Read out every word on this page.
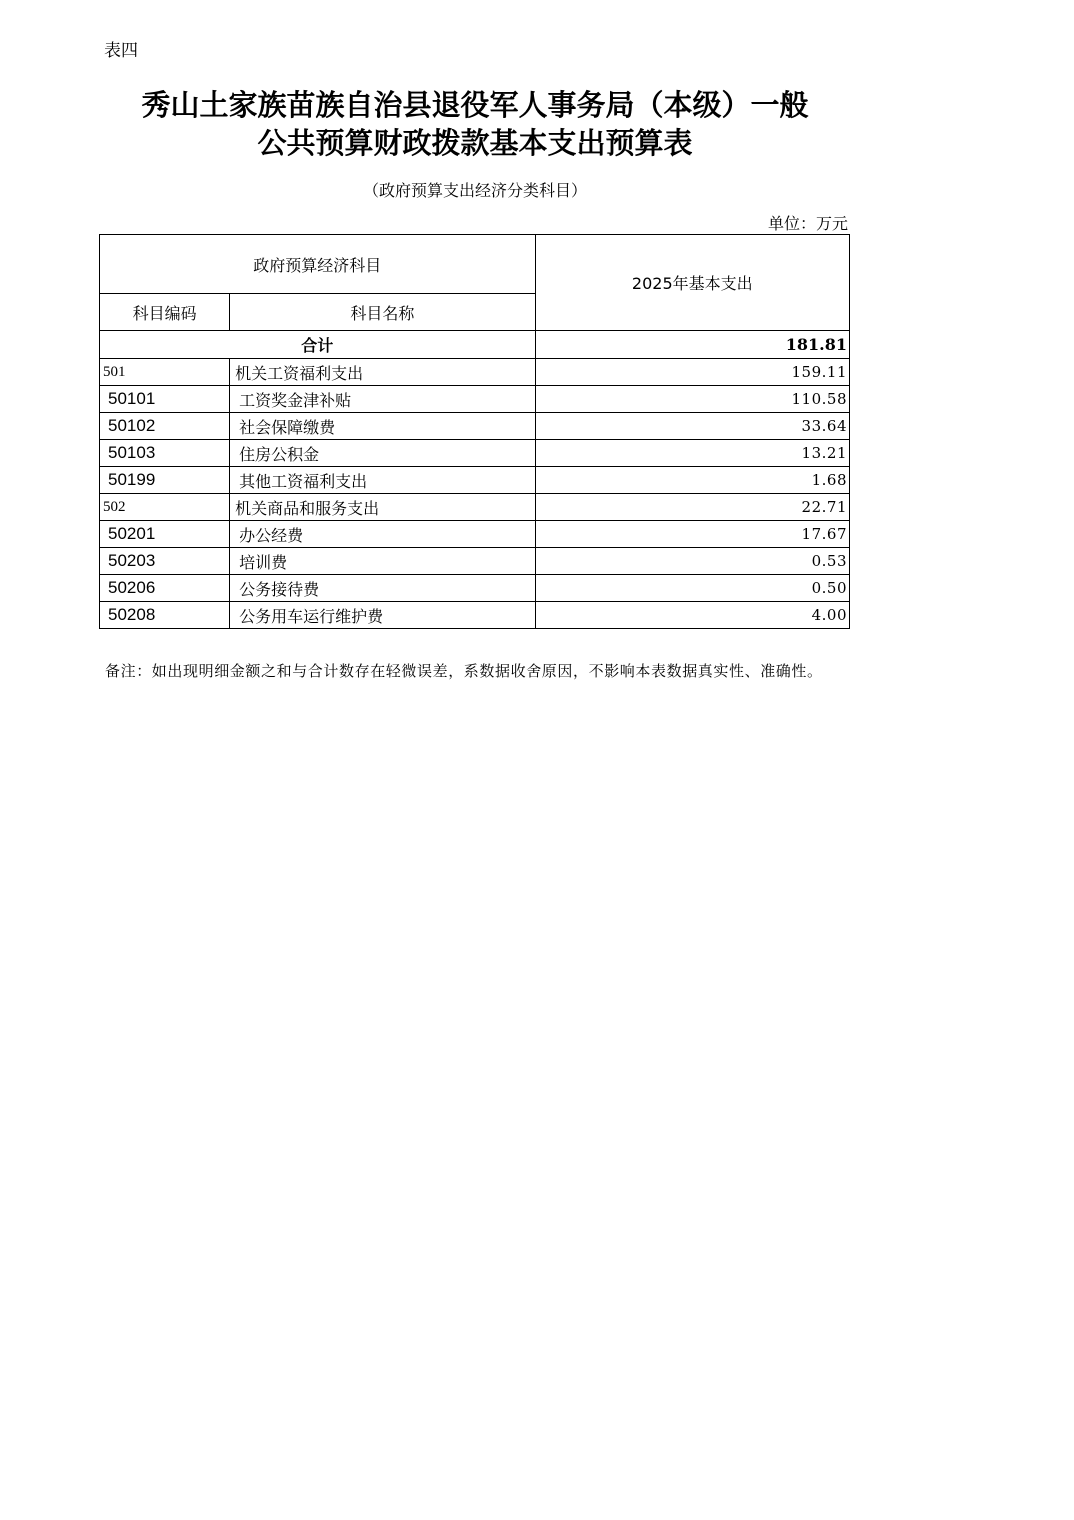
表四
秀山土家族苗族自治县退役军人事务局（本级）一般
公共预算财政拨款基本支出预算表
（政府预算支出经济分类科目）
单位：万元
政府预算经济科目		2025年基本支出
科目编码	科目名称	
合计		181.81
501	机关工资福利支出	159.11
50101	工资奖金津补贴	110.58
50102	社会保障缴费	33.64
50103	住房公积金	13.21
50199	其他工资福利支出	1.68
502	机关商品和服务支出	22.71
50201	办公经费	17.67
50203	培训费	0.53
50206	公务接待费	0.50
50208	公务用车运行维护费	4.00
备注：如出现明细金额之和与合计数存在轻微误差，系数据收舍原因，不影响本表数据真实性、准确性。
